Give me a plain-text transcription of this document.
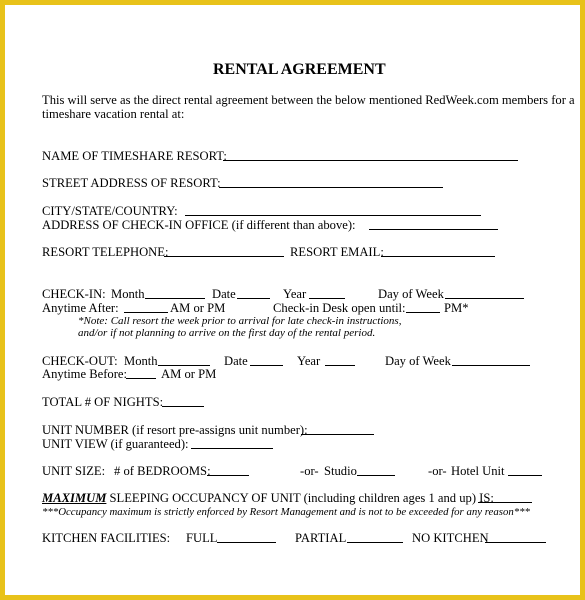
RENTAL AGREEMENT
This will serve as the direct rental agreement between the below mentioned RedWeek.com members for a
timeshare vacation rental at:
NAME OF TIMESHARE RESORT:
STREET ADDRESS OF RESORT:
CITY/STATE/COUNTRY:
ADDRESS OF CHECK-IN OFFICE (if different than above):
RESORT TELEPHONE:	RESORT EMAIL:
CHECK-IN: Month	Date	Year	Day of Week
Anytime After:	AM or PM	Check-in Desk open until:	PM*
*Note: Call resort the week prior to arrival for late check-in instructions,
and/or if not planning to arrive on the first day of the rental period.
CHECK-OUT: Month	Date	Year	Day of Week
Anytime Before:	AM or PM
TOTAL # OF NIGHTS:
UNIT NUMBER (if resort pre-assigns unit number):
UNIT VIEW (if guaranteed):
UNIT SIZE: # of BEDROOMS:	-or- Studio	-or- Hotel Unit
MAXIMUM SLEEPING OCCUPANCY OF UNIT (including children ages 1 and up) IS:
***Occupancy maximum is strictly enforced by Resort Management and is not to be exceeded for any reason***
KITCHEN FACILITIES: FULL	PARTIAL	NO KITCHEN
